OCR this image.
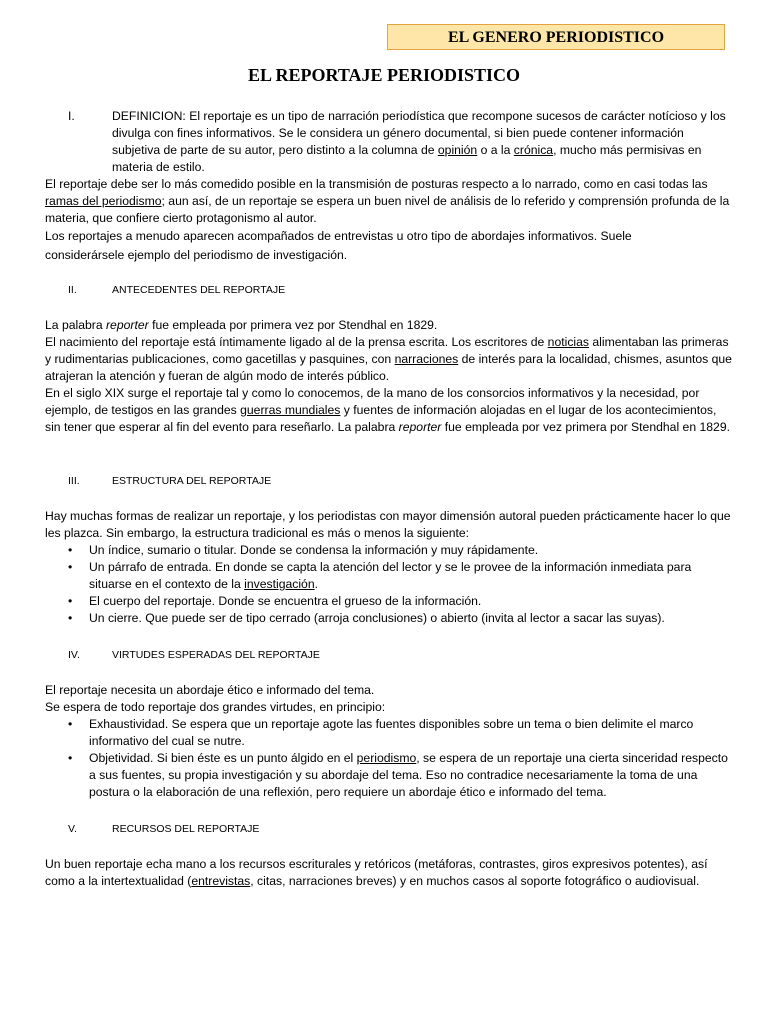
EL GENERO PERIODISTICO
EL REPORTAJE PERIODISTICO
I.	DEFINICION: El reportaje es un tipo de narración periodística que recompone sucesos de carácter notícioso y los divulga con fines informativos. Se le considera un género documental, si bien puede contener información subjetiva de parte de su autor, pero distinto a la columna de opinión o a la crónica, mucho más permisivas en materia de estilo.

El reportaje debe ser lo más comedido posible en la transmisión de posturas respecto a lo narrado, como en casi todas las ramas del periodismo; aun así, de un reportaje se espera un buen nivel de análisis de lo referido y comprensión profunda de la materia, que confiere cierto protagonismo al autor.

Los reportajes a menudo aparecen acompañados de entrevistas u otro tipo de abordajes informativos. Suele

considerársele ejemplo del periodismo de investigación.

II.	ANTECEDENTES DEL REPORTAJE

La palabra reporter fue empleada por primera vez por Stendhal en 1829.

El nacimiento del reportaje está íntimamente ligado al de la prensa escrita. Los escritores de noticias alimentaban las primeras y rudimentarias publicaciones, como gacetillas y pasquines, con narraciones de interés para la localidad, chismes, asuntos que atrajeran la atención y fueran de algún modo de interés público.

En el siglo XIX surge el reportaje tal y como lo conocemos, de la mano de los consorcios informativos y la necesidad, por ejemplo, de testigos en las grandes guerras mundiales y fuentes de información alojadas en el lugar de los acontecimientos, sin tener que esperar al fin del evento para reseñarlo. La palabra reporter fue empleada por vez primera por Stendhal en 1829.

III.	ESTRUCTURA DEL REPORTAJE

Hay muchas formas de realizar un reportaje, y los periodistas con mayor dimensión autoral pueden prácticamente hacer lo que les plazca. Sin embargo, la estructura tradicional es más o menos la siguiente:

• Un índice, sumario o titular. Donde se condensa la información y muy rápidamente.
• Un párrafo de entrada. En donde se capta la atención del lector y se le provee de la información inmediata para situarse en el contexto de la investigación.
• El cuerpo del reportaje. Donde se encuentra el grueso de la información.
• Un cierre. Que puede ser de tipo cerrado (arroja conclusiones) o abierto (invita al lector a sacar las suyas).
IV.	VIRTUDES ESPERADAS DEL REPORTAJE

El reportaje necesita un abordaje ético e informado del tema.

Se espera de todo reportaje dos grandes virtudes, en principio:

• Exhaustividad. Se espera que un reportaje agote las fuentes disponibles sobre un tema o bien delimite el marco informativo del cual se nutre.
• Objetividad. Si bien éste es un punto álgido en el periodismo, se espera de un reportaje una cierta sinceridad respecto a sus fuentes, su propia investigación y su abordaje del tema. Eso no contradice necesariamente la toma de una postura o la elaboración de una reflexión, pero requiere un abordaje ético e informado del tema.
V.	RECURSOS DEL REPORTAJE

Un buen reportaje echa mano a los recursos escriturales y retóricos (metáforas, contrastes, giros expresivos potentes), así como a la intertextualidad (entrevistas, citas, narraciones breves) y en muchos casos al soporte fotográfico o audiovisual.
